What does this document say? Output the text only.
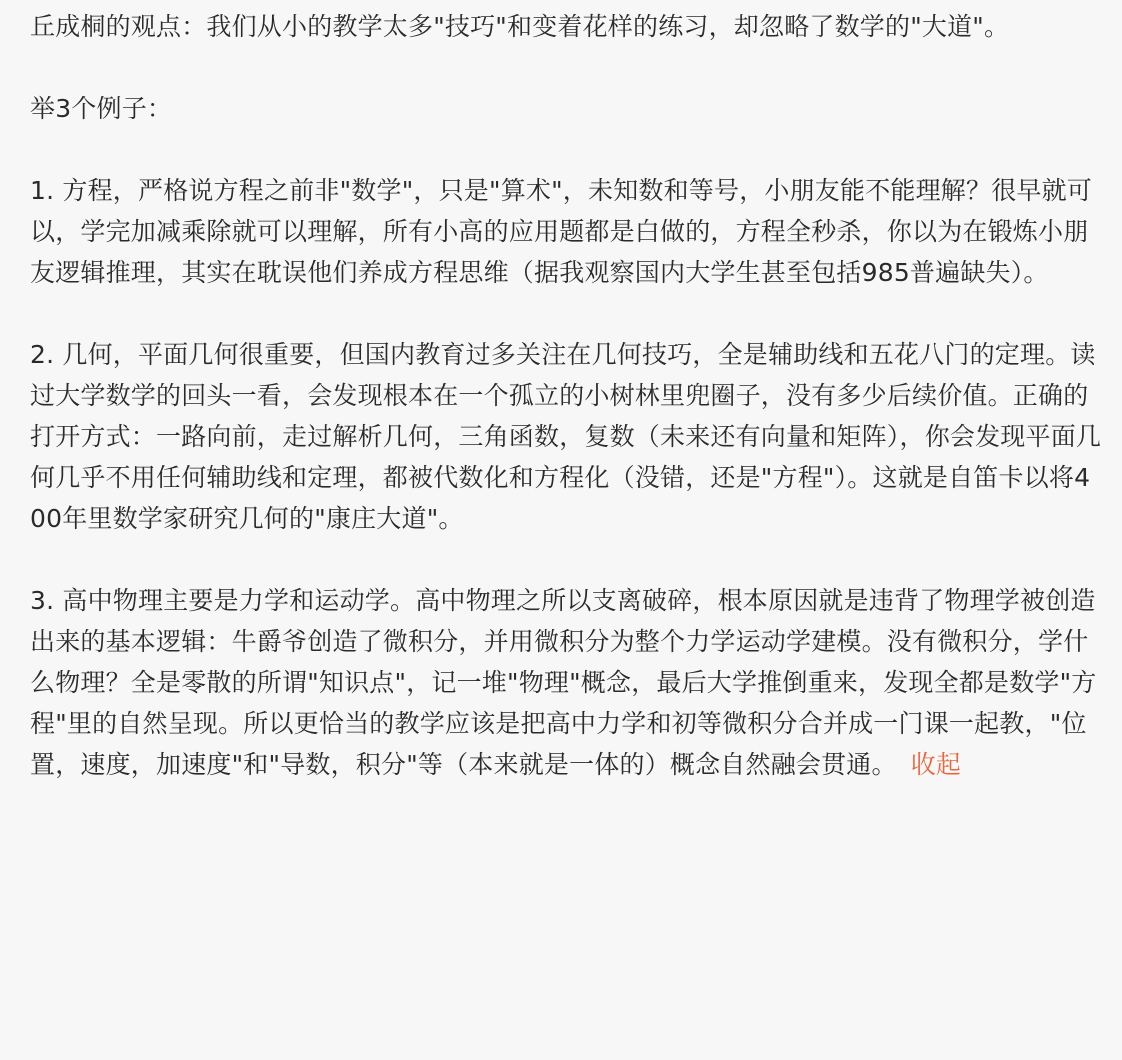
丘成桐的观点：我们从小的教学太多"技巧"和变着花样的练习，却忽略了数学的"大道"。

举3个例子：

1. 方程，严格说方程之前非"数学"，只是"算术"，未知数和等号，小朋友能不能理解？很早就可以，学完加减乘除就可以理解，所有小高的应用题都是白做的，方程全秒杀，你以为在锻炼小朋友逻辑推理，其实在耽误他们养成方程思维（据我观察国内大学生甚至包括985普遍缺失）。

2. 几何，平面几何很重要，但国内教育过多关注在几何技巧，全是辅助线和五花八门的定理。读过大学数学的回头一看，会发现根本在一个孤立的小树林里兜圈子，没有多少后续价值。正确的打开方式：一路向前，走过解析几何，三角函数，复数（未来还有向量和矩阵），你会发现平面几何几乎不用任何辅助线和定理，都被代数化和方程化（没错，还是"方程"）。这就是自笛卡以将400年里数学家研究几何的"康庄大道"。

3. 高中物理主要是力学和运动学。高中物理之所以支离破碎，根本原因就是违背了物理学被创造出来的基本逻辑：牛爵爷创造了微积分，并用微积分为整个力学运动学建模。没有微积分，学什么物理？全是零散的所谓"知识点"，记一堆"物理"概念，最后大学推倒重来，发现全都是数学"方程"里的自然呈现。所以更恰当的教学应该是把高中力学和初等微积分合并成一门课一起教，"位置，速度，加速度"和"导数，积分"等（本来就是一体的）概念自然融会贯通。 收起
